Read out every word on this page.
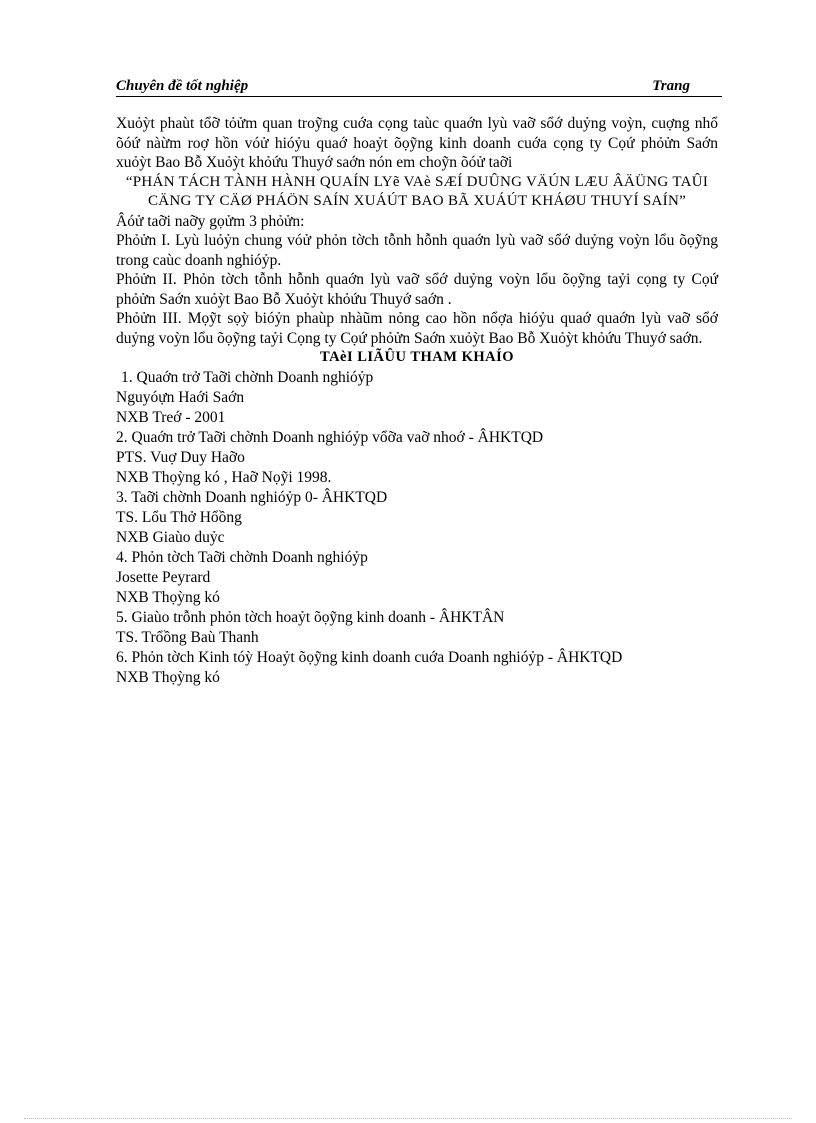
Chuyên đề tốt nghiệp	Trang

Xuỏỳt phaùt tổỡ tỏửm quan troỹng cuớa cọng taùc quaớn lyù vaỡ sổớ duỷng voỳn, cuợng nhổ õóứ nàừm roợ hồn vóử hióỷu quaớ hoaỷt õọỹng kinh doanh cuớa cọng ty Cọứ phỏửn Saớn xuỏỳt Bao Bỗ Xuỏỳt khỏứu Thuyớ saớn nón em choỹn õóử taỡi

“PHÁN TÁCH TÀNH HÀNH QUAÍN LYẽ VAè SÆÍ DUÛNG VÄÚN LÆU ÂÄÜNG TAÛI CÄNG TY CÄØ PHÁÖN SAÍN XUÁÚT BAO BÃ XUÁÚT KHÁØU THUYÍ SAÍN”

Âóử taỡi naỡy gọửm 3 phỏửn:

Phỏửn I. Lyù luỏỷn chung vóử phỏn tờch tỗnh hỗnh quaớn lyù vaỡ sổớ duỷng voỳn lổu õọỹng trong caùc doanh nghióỷp.

Phỏửn II. Phỏn tờch tỗnh hỗnh quaớn lyù vaỡ sổớ duỷng voỳn lổu õọỹng taỷi cọng ty Cọứ phỏửn Saớn xuỏỳt Bao Bỗ Xuỏỳt khỏứu Thuyớ saớn .

Phỏửn III. Mọỹt sọỳ bióỷn phaùp nhàũm nỏng cao hồn nổợa hióỷu quaớ quaớn lyù vaỡ sổớ duỷng voỳn lổu õọỹng taỷi Cọng ty Cọứ phỏửn Saớn xuỏỳt Bao Bỗ Xuỏỳt khỏứu Thuyớ saớn.

TAèI LIÃÛU THAM KHAÍO

1. Quaớn trở Taỡi chờnh Doanh nghióỷp

Nguyóựn Haới Saớn

NXB Treớ - 2001

2. Quaớn trở Taỡi chờnh Doanh nghióỷp vổỡa vaỡ nhoớ - ÂHKTQD

PTS. Vuợ Duy Haỡo

NXB Thọỳng kó , Haỡ Nọỹi 1998.

3. Taỡi chờnh Doanh nghióỷp 0- ÂHKTQD

TS. Lổu Thở Hổồng

NXB Giaùo duỷc

4. Phỏn tờch Taỡi chờnh Doanh nghióỷp

Josette Peyrard

NXB Thọỳng kó

5. Giaùo trỗnh phỏn tờch hoaỷt õọỹng kinh doanh - ÂHKTÂN

TS. Trổồng Baù Thanh

6. Phỏn tờch Kinh tóỳ Hoaỷt õọỹng kinh doanh cuớa Doanh nghióỷp - ÂHKTQD

NXB Thọỳng kó
